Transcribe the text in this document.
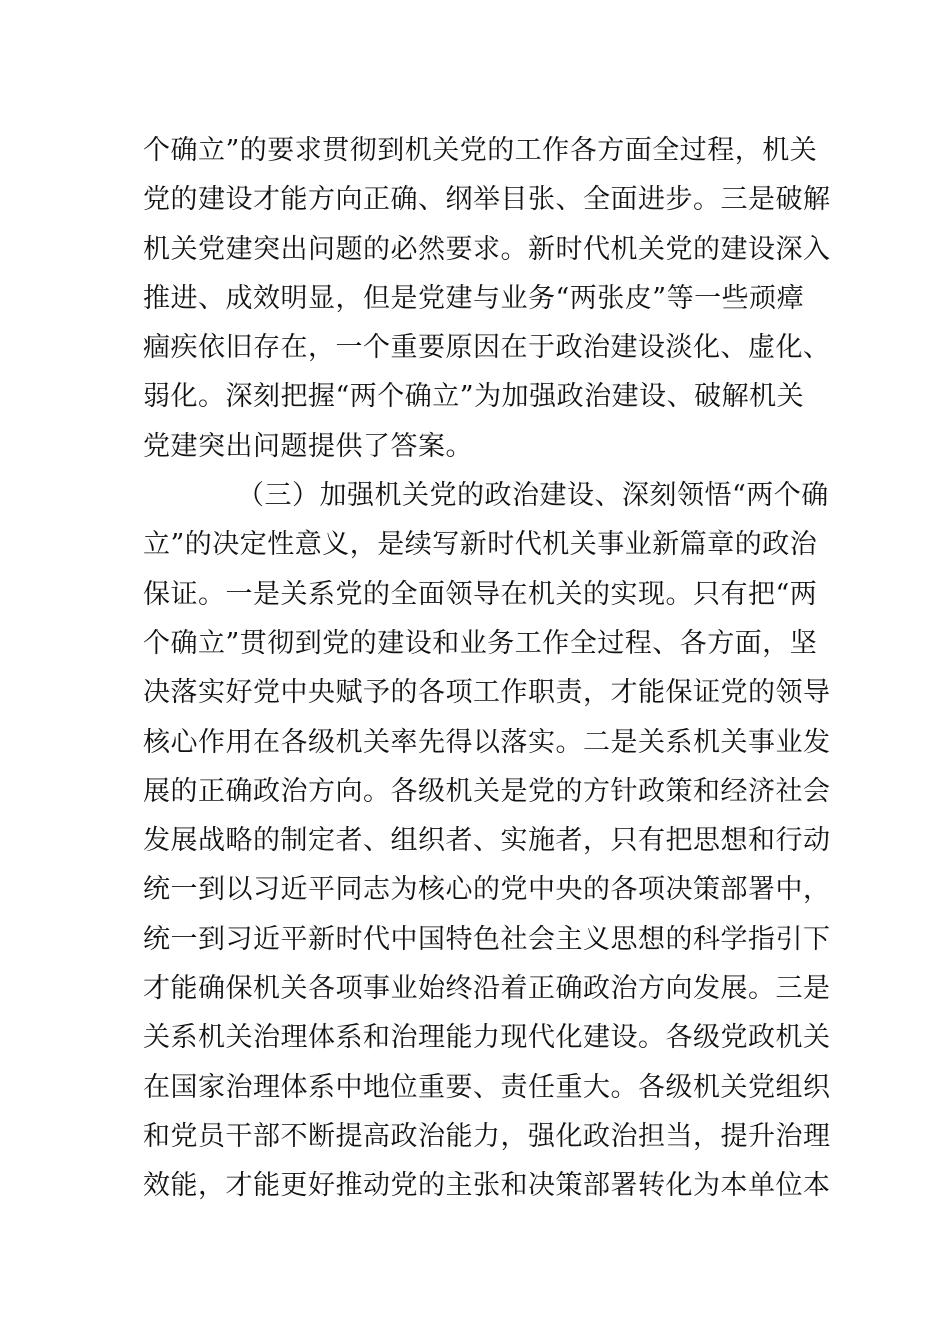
个确立”的要求贯彻到机关党的工作各方面全过程，机关
党的建设才能方向正确、纲举目张、全面进步。三是破解
机关党建突出问题的必然要求。新时代机关党的建设深入
推进、成效明显，但是党建与业务“两张皮”等一些顽瘴
痼疾依旧存在，一个重要原因在于政治建设淡化、虚化、
弱化。深刻把握“两个确立”为加强政治建设、破解机关
党建突出问题提供了答案。
（三）加强机关党的政治建设、深刻领悟“两个确
立”的决定性意义，是续写新时代机关事业新篇章的政治
保证。一是关系党的全面领导在机关的实现。只有把“两
个确立”贯彻到党的建设和业务工作全过程、各方面，坚
决落实好党中央赋予的各项工作职责，才能保证党的领导
核心作用在各级机关率先得以落实。二是关系机关事业发
展的正确政治方向。各级机关是党的方针政策和经济社会
发展战略的制定者、组织者、实施者，只有把思想和行动
统一到以习近平同志为核心的党中央的各项决策部署中，
统一到习近平新时代中国特色社会主义思想的科学指引下
才能确保机关各项事业始终沿着正确政治方向发展。三是
关系机关治理体系和治理能力现代化建设。各级党政机关
在国家治理体系中地位重要、责任重大。各级机关党组织
和党员干部不断提高政治能力，强化政治担当，提升治理
效能，才能更好推动党的主张和决策部署转化为本单位本
